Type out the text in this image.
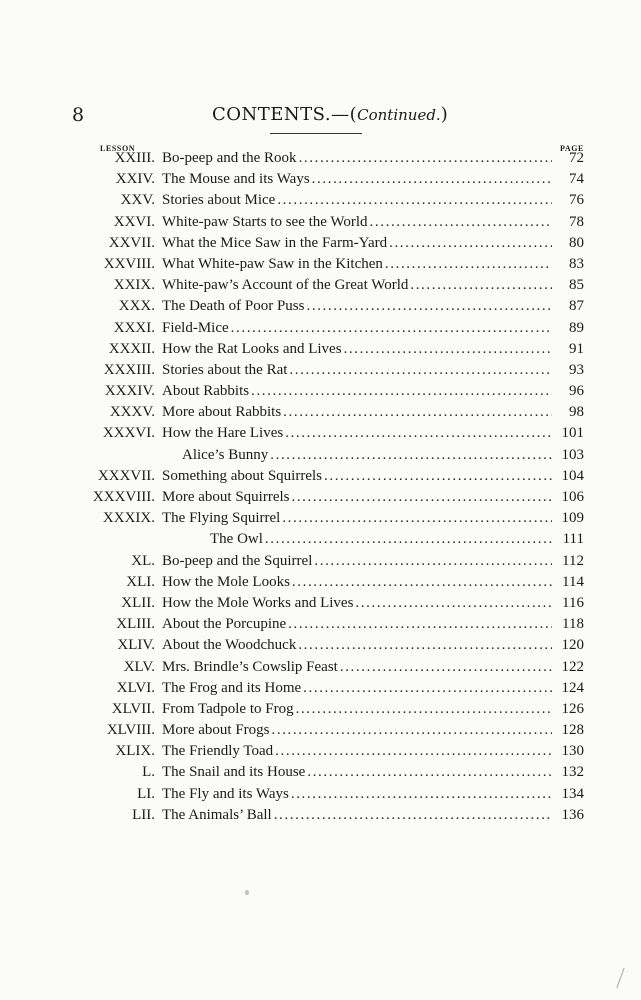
8	CONTENTS.—(Continued.)
LESSON	PAGE
XXIII. Bo-peep and the Rook .....	72
XXIV. The Mouse and its Ways .....	74
XXV. Stories about Mice .....	76
XXVI. White-paw Starts to see the World .....	78
XXVII. What the Mice Saw in the Farm-Yard .....	80
XXVIII. What White-paw Saw in the Kitchen .....	83
XXIX. White-paw’s Account of the Great World .....	85
XXX. The Death of Poor Puss .....	87
XXXI. Field-Mice .....	89
XXXII. How the Rat Looks and Lives .....	91
XXXIII. Stories about the Rat .....	93
XXXIV. About Rabbits .....	96
XXXV. More about Rabbits .....	98
XXXVI. How the Hare Lives .....	101
Alice’s Bunny .....	103
XXXVII. Something about Squirrels .....	104
XXXVIII. More about Squirrels .....	106
XXXIX. The Flying Squirrel .....	109
The Owl .....	111
XL. Bo-peep and the Squirrel .....	112
XLI. How the Mole Looks .....	114
XLII. How the Mole Works and Lives .....	116
XLIII. About the Porcupine .....	118
XLIV. About the Woodchuck .....	120
XLV. Mrs. Brindle’s Cowslip Feast .....	122
XLVI. The Frog and its Home .....	124
XLVII. From Tadpole to Frog .....	126
XLVIII. More about Frogs .....	128
XLIX. The Friendly Toad .....	130
L. The Snail and its House .....	132
LI. The Fly and its Ways .....	134
LII. The Animals’ Ball .....	136
